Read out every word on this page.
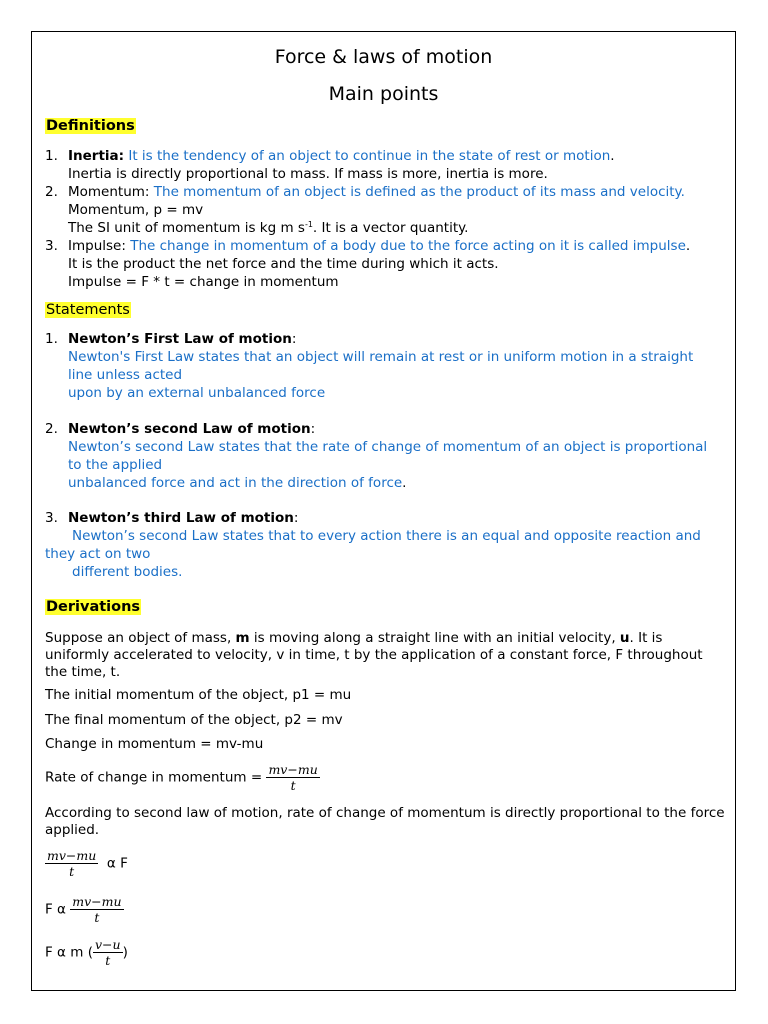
Force & laws of motion
Main points
Definitions
1. Inertia: It is the tendency of an object to continue in the state of rest or motion.
Inertia is directly proportional to mass. If mass is more, inertia is more.
2. Momentum: The momentum of an object is defined as the product of its mass and velocity.
Momentum, p = mv
The SI unit of momentum is kg m $s^{-1}$. It is a vector quantity.
3. Impulse: The change in momentum of a body due to the force acting on it is called impulse.
It is the product the net force and the time during which it acts.
Impulse = F * t = change in momentum
Statements
1. Newton’s First Law of motion:
Newton's First Law states that an object will remain at rest or in uniform motion in a straight
line unless acted
upon by an external unbalanced force
2. Newton’s second Law of motion:
Newton’s second Law states that the rate of change of momentum of an object is proportional
to the applied
unbalanced force and act in the direction of force.
3. Newton’s third Law of motion:
Newton’s second Law states that to every action there is an equal and opposite reaction and
they act on two
different bodies.
Derivations
Suppose an object of mass, m is moving along a straight line with an initial velocity, u. It is uniformly accelerated to velocity, v in time, t by the application of a constant force, F throughout the time, t.
The initial momentum of the object, p1 = mu
The final momentum of the object, p2 = mv
Change in momentum = mv-mu
Rate of change in momentum = $\frac{mv-mu}{t}$
According to second law of motion, rate of change of momentum is directly proportional to the force applied.
$\frac{mv-mu}{t}$ α F
F α $\frac{mv-mu}{t}$
F α m ( $\frac{v-u}{t}$ )
